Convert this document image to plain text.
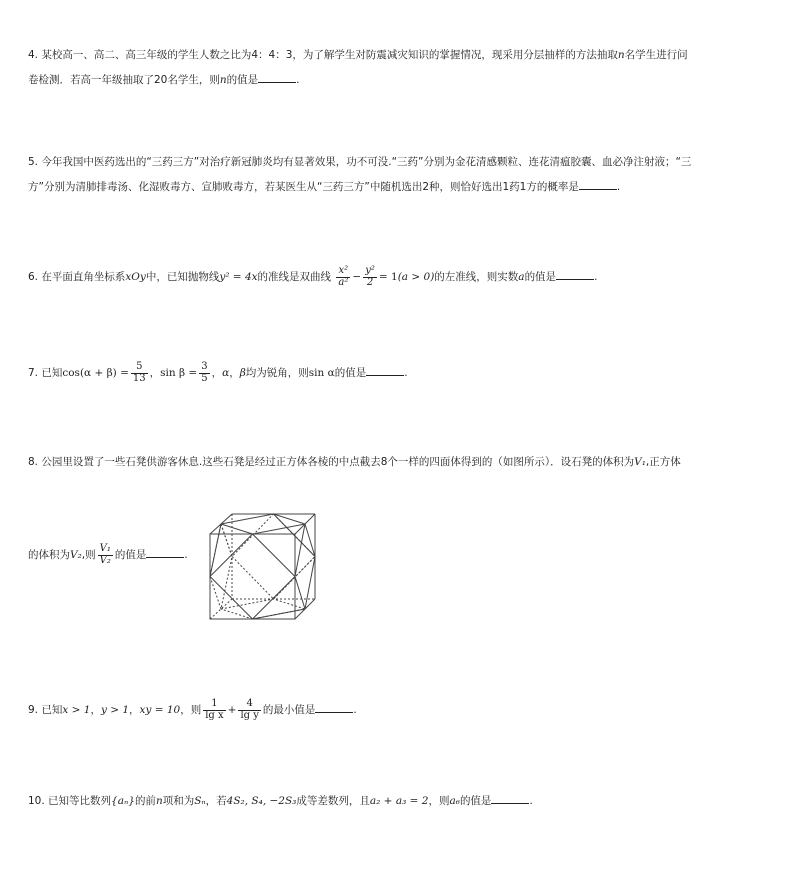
4. 某校高一、高二、高三年级的学生人数之比为4：4：3，为了解学生对防震减灾知识的掌握情况，现采用分层抽样的方法抽取n名学生进行问
卷检测．若高一年级抽取了20名学生，则n的值是	.
5. 今年我国中医药选出的“三药三方”对治疗新冠肺炎均有显著效果，功不可没.“三药”分别为金花清感颗粒、连花清瘟胶囊、血必净注射液；“三
方”分别为清肺排毒汤、化湿败毒方、宣肺败毒方，若某医生从“三药三方”中随机选出2种，则恰好选出1药1方的概率是	.
6. 在平面直角坐标系xOy中，已知抛物线y² = 4x的准线是双曲线 $\frac{\text{x²}}{\text{a²}} - \frac{\text{y²}}{2} = 1(a > 0)$的左准线，则实数a的值是	.
7. 已知$\cos(\alpha + \beta) = \frac{5}{13}$ ，$\sin \beta = \frac{3}{5}$ ，α，β均为锐角，则sin α的值是	.
8. 公园里设置了一些石凳供游客休息.这些石凳是经过正方体各棱的中点截去8个一样的四面体得到的（如图所示）．设石凳的体积为V₁,正方体
的体积为V₂,则 $\frac{\text{V₁}}{\text{V₂}}$ 的值是	.
9. 已知x > 1，y > 1，xy = 10，则 $\frac{1}{\text{lg x}} + \frac{4}{\text{lg y}}$ 的最小值是	.
10. 已知等比数列{aₙ}的前n项和为Sₙ，若4S₂, S₄, −2S₃成等差数列，且a₂ + a₃ = 2，则a₆的值是	.
